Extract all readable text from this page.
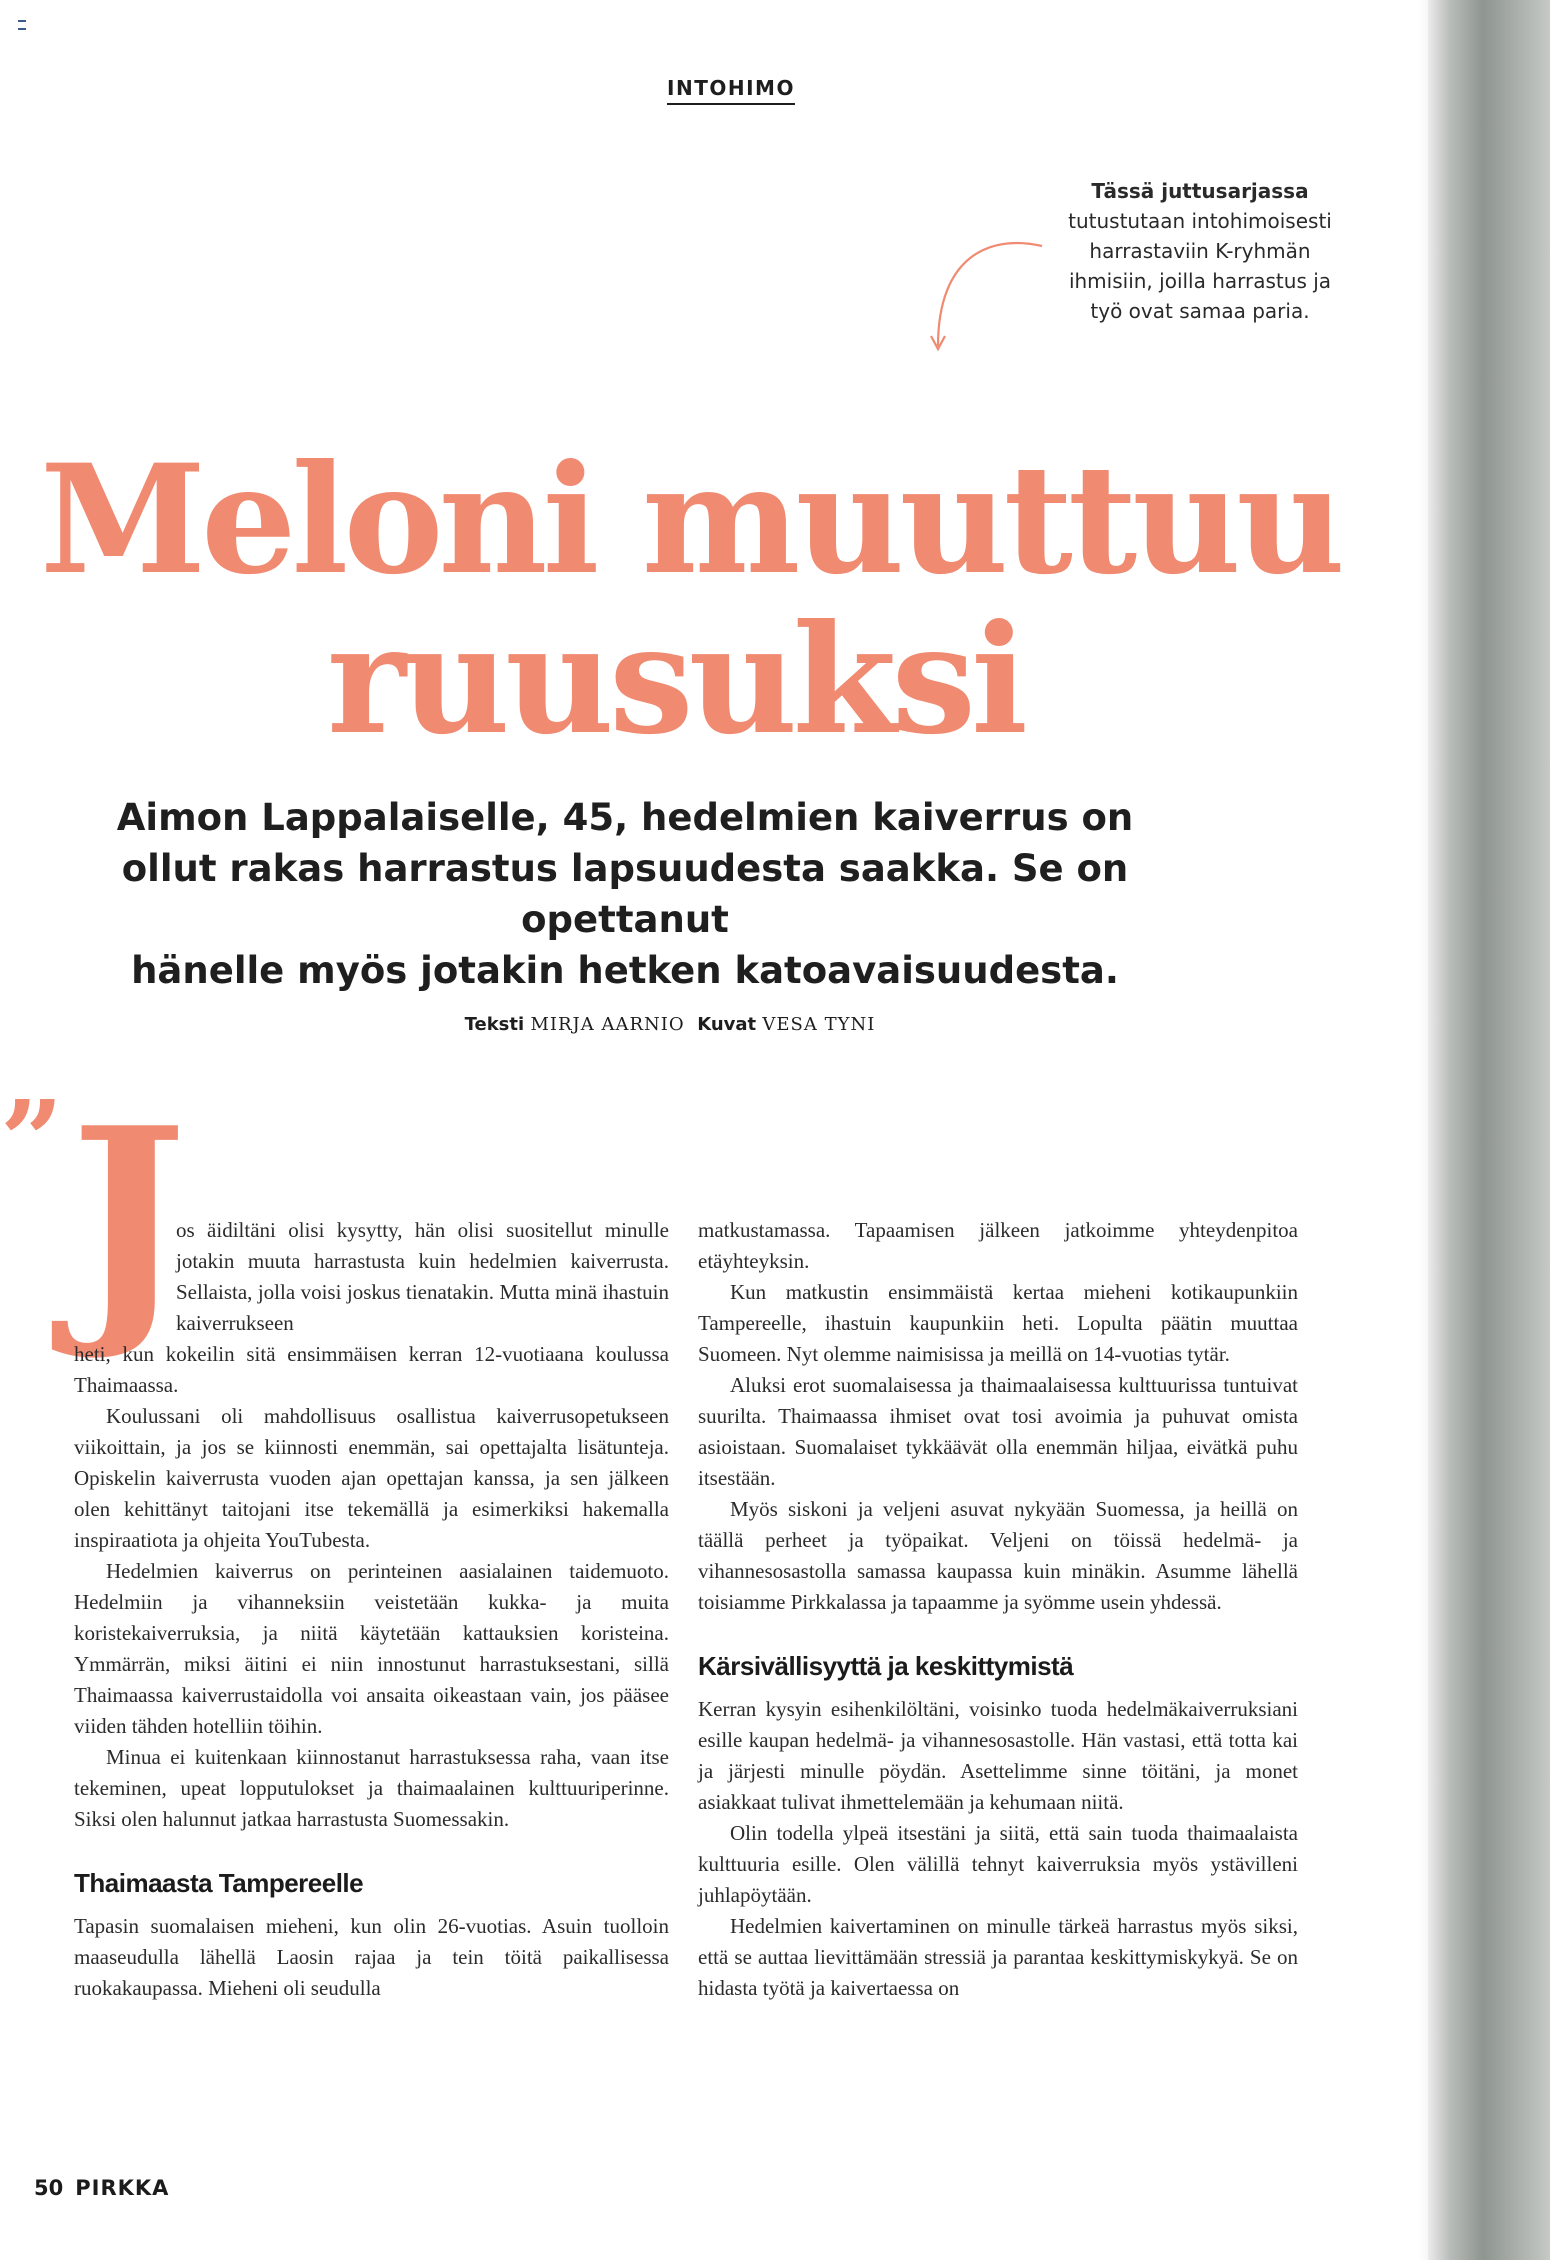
INTOHIMO
Tässä juttusarjassa
tutustutaan intohimoisesti
harrastaviin K-ryhmän
ihmisiin, joilla harrastus ja
työ ovat samaa paria.
Meloni muuttuu
ruusuksi
Aimon Lappalaiselle, 45, hedelmien kaiverrus on
ollut rakas harrastus lapsuudesta saakka. Se on opettanut
hänelle myös jotakin hetken katoavaisuudesta.
Teksti MIRJA AARNIO Kuvat VESA TYNI
” J

os äidiltäni olisi kysytty, hän olisi suositellut minulle jotakin muuta harrastusta kuin hedelmien kaiverrusta. Sellaista, jolla voisi joskus tienatakin. Mutta minä ihastuin kaiverrukseen

heti, kun kokeilin sitä ensimmäisen kerran 12-vuotiaana koulussa Thaimaassa.

Koulussani oli mahdollisuus osallistua kaiverrusopetukseen viikoittain, ja jos se kiinnosti enemmän, sai opettajalta lisätunteja. Opiskelin kaiverrusta vuoden ajan opettajan kanssa, ja sen jälkeen olen kehittänyt taitojani itse tekemällä ja esimerkiksi hakemalla inspiraatiota ja ohjeita YouTubesta.

Hedelmien kaiverrus on perinteinen aasialainen taidemuoto. Hedelmiin ja vihanneksiin veistetään kukka- ja muita koristekaiverruksia, ja niitä käytetään kattauksien koristeina. Ymmärrän, miksi äitini ei niin innostunut harrastuksestani, sillä Thaimaassa kaiverrustaidolla voi ansaita oikeastaan vain, jos pääsee viiden tähden hotelliin töihin.

Minua ei kuitenkaan kiinnostanut harrastuksessa raha, vaan itse tekeminen, upeat lopputulokset ja thaimaalainen kulttuuriperinne. Siksi olen halunnut jatkaa harrastusta Suomessakin.

Thaimaasta Tampereelle

Tapasin suomalaisen mieheni, kun olin 26-vuotias. Asuin tuolloin maaseudulla lähellä Laosin rajaa ja tein töitä paikallisessa ruokakaupassa. Mieheni oli seudulla

matkustamassa. Tapaamisen jälkeen jatkoimme yhteydenpitoa etäyhteyksin.

Kun matkustin ensimmäistä kertaa mieheni kotikaupunkiin Tampereelle, ihastuin kaupunkiin heti. Lopulta päätin muuttaa Suomeen. Nyt olemme naimisissa ja meillä on 14-vuotias tytär.

Aluksi erot suomalaisessa ja thaimaalaisessa kulttuurissa tuntuivat suurilta. Thaimaassa ihmiset ovat tosi avoimia ja puhuvat omista asioistaan. Suomalaiset tykkäävät olla enemmän hiljaa, eivätkä puhu itsestään.

Myös siskoni ja veljeni asuvat nykyään Suomessa, ja heillä on täällä perheet ja työpaikat. Veljeni on töissä hedelmä- ja vihannesosastolla samassa kaupassa kuin minäkin. Asumme lähellä toisiamme Pirkkalassa ja tapaamme ja syömme usein yhdessä.

Kärsivällisyyttä ja keskittymistä

Kerran kysyin esihenkilöltäni, voisinko tuoda hedelmäkaiverruksiani esille kaupan hedelmä- ja vihannesosastolle. Hän vastasi, että totta kai ja järjesti minulle pöydän. Asettelimme sinne töitäni, ja monet asiakkaat tulivat ihmettelemään ja kehumaan niitä.

Olin todella ylpeä itsestäni ja siitä, että sain tuoda thaimaalaista kulttuuria esille. Olen välillä tehnyt kaiverruksia myös ystävilleni juhlapöytään.

Hedelmien kaivertaminen on minulle tärkeä harrastus myös siksi, että se auttaa lievittämään stressiä ja parantaa keskittymiskykyä. Se on hidasta työtä ja kaivertaessa on

50 PIRKKA
